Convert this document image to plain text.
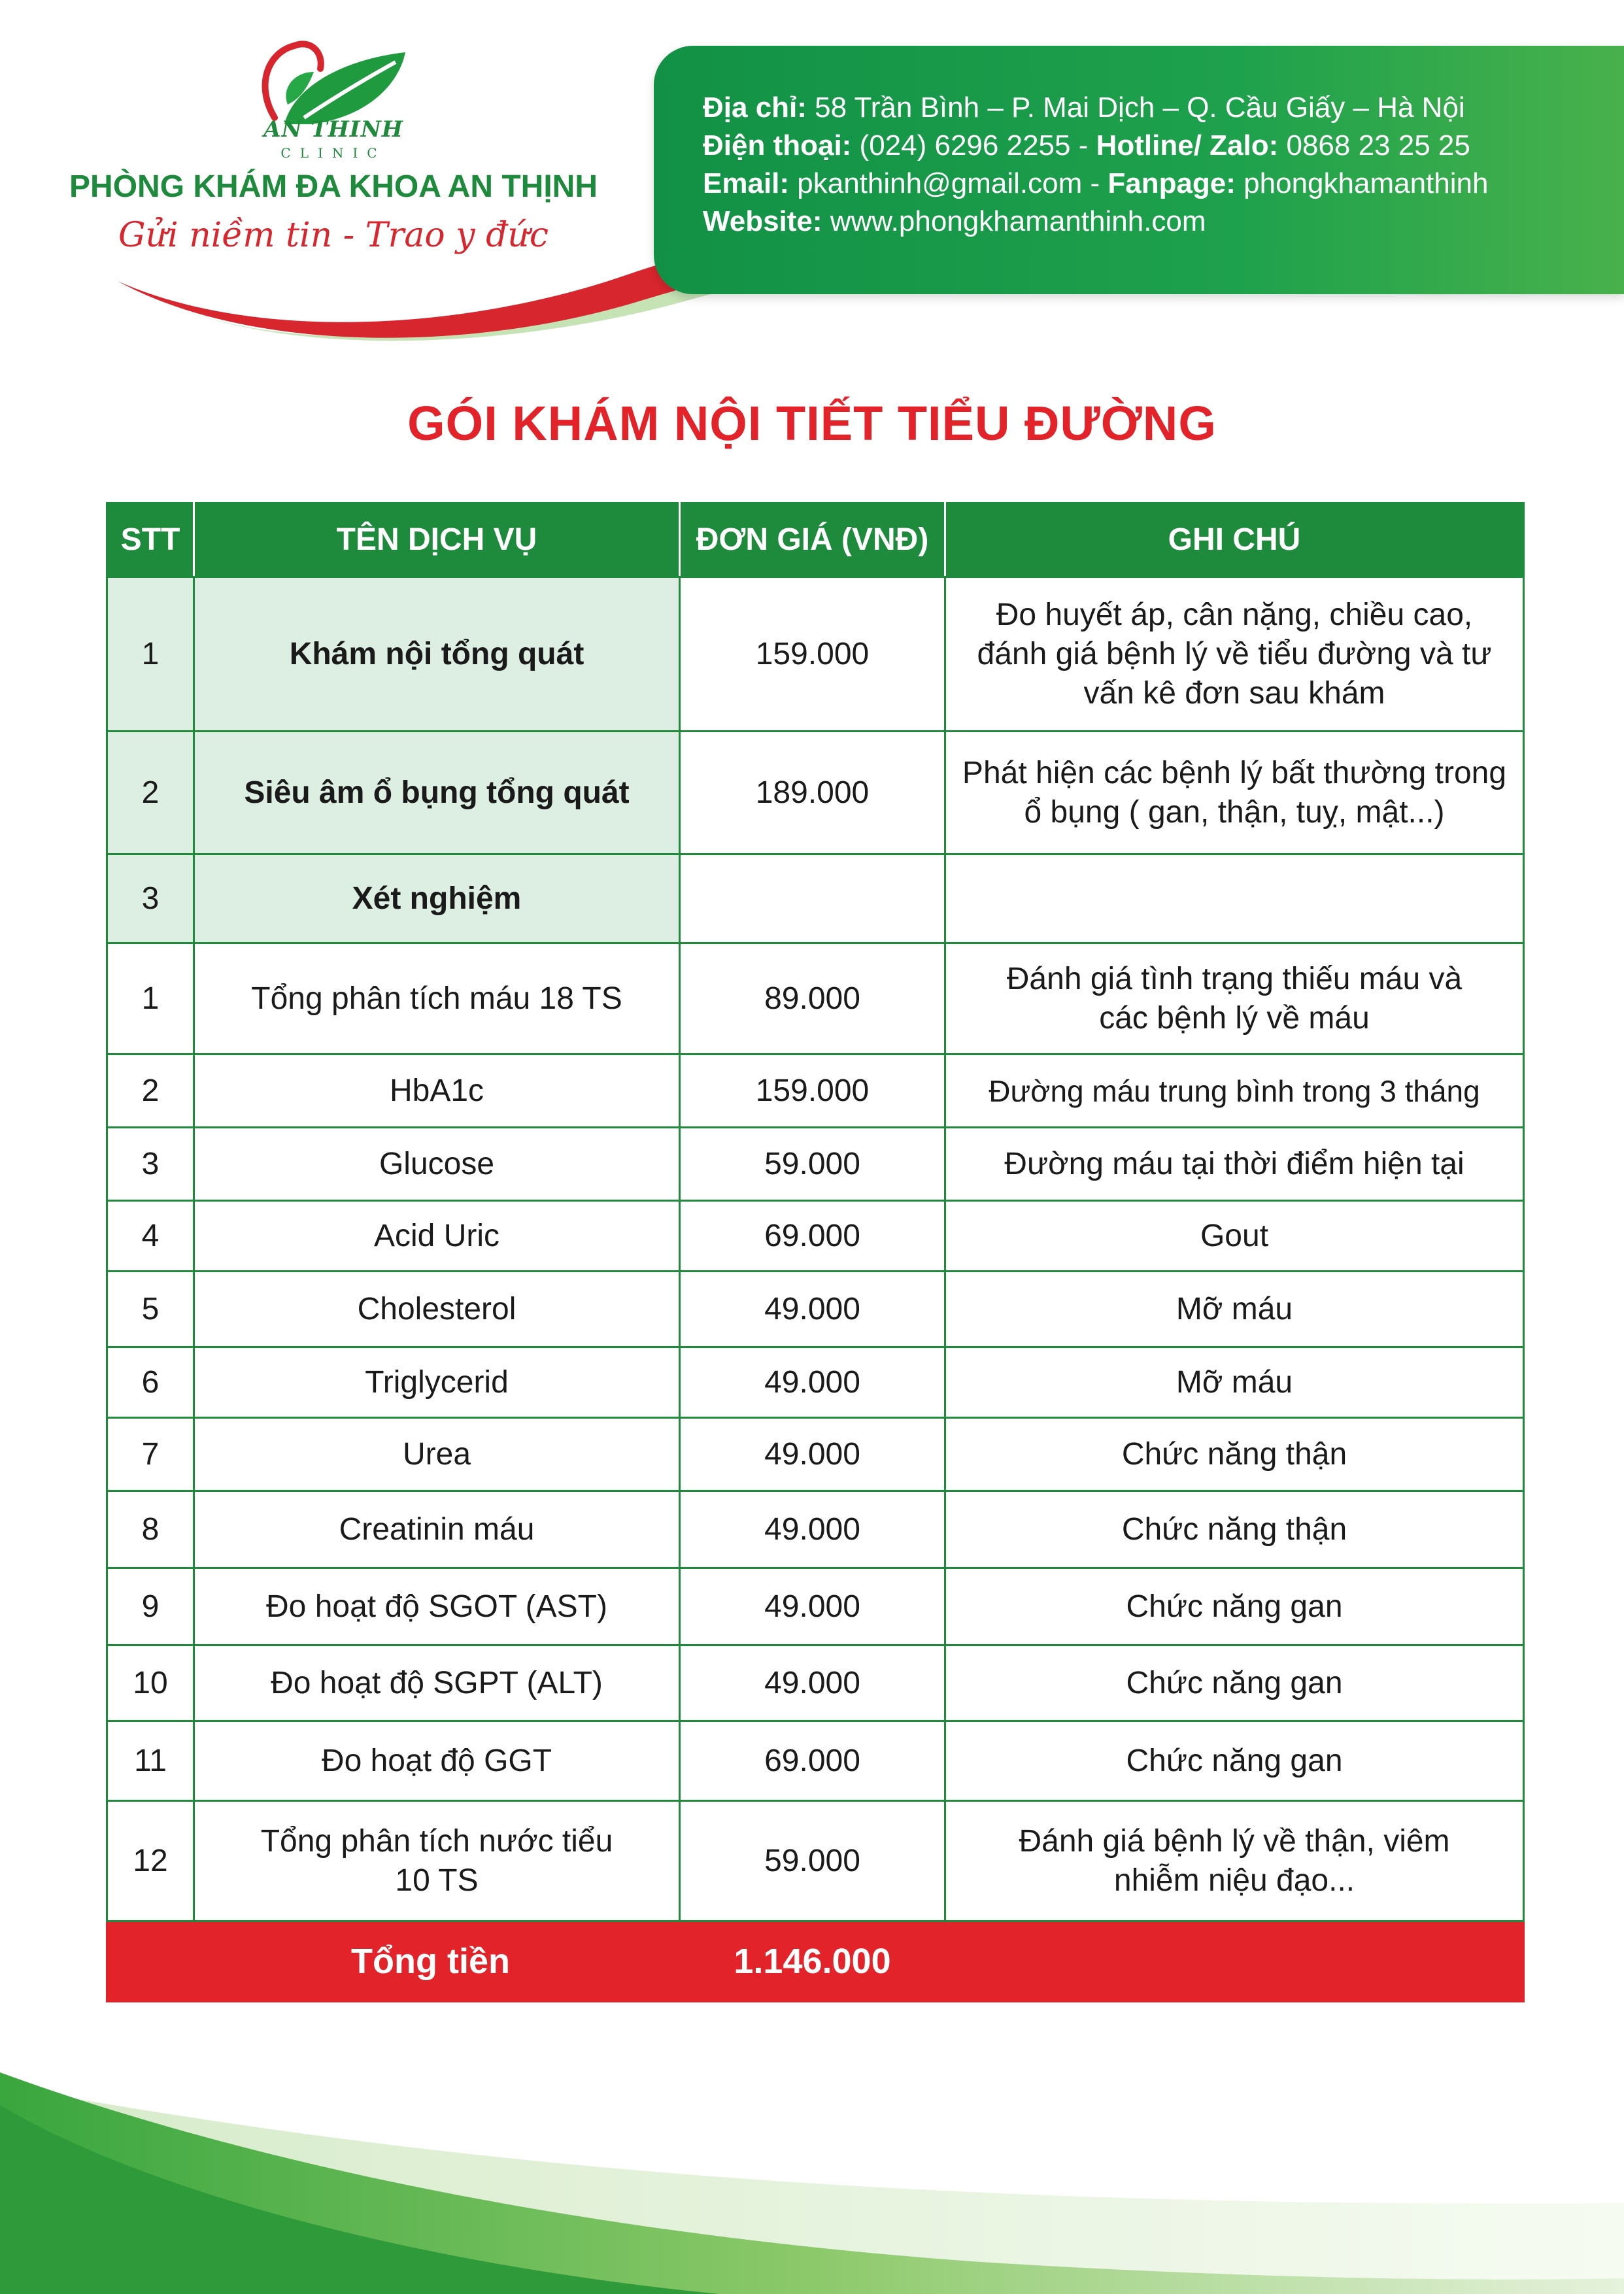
AN THINH
CLINIC
PHÒNG KHÁM ĐA KHOA AN THỊNH
Gửi niềm tin - Trao y đức
Địa chỉ: 58 Trần Bình – P. Mai Dịch – Q. Cầu Giấy – Hà Nội
Điện thoại: (024) 6296 2255 - Hotline/ Zalo: 0868 23 25 25
Email: pkanthinh@gmail.com - Fanpage: phongkhamanthinh
Website: www.phongkhamanthinh.com
GÓI KHÁM NỘI TIẾT TIỂU ĐƯỜNG
STT	TÊN DỊCH VỤ	ĐƠN GIÁ (VNĐ)	GHI CHÚ
1	Khám nội tổng quát	159.000	Đo huyết áp, cân nặng, chiều cao, đánh giá bệnh lý về tiểu đường và tư vấn kê đơn sau khám
2	Siêu âm ổ bụng tổng quát	189.000	Phát hiện các bệnh lý bất thường trong ổ bụng ( gan, thận, tuỵ, mật...)
3	Xét nghiệm		
1	Tổng phân tích máu 18 TS	89.000	Đánh giá tình trạng thiếu máu và các bệnh lý về máu
2	HbA1c	159.000	Đường máu trung bình trong 3 tháng
3	Glucose	59.000	Đường máu tại thời điểm hiện tại
4	Acid Uric	69.000	Gout
5	Cholesterol	49.000	Mỡ máu
6	Triglycerid	49.000	Mỡ máu
7	Urea	49.000	Chức năng thận
8	Creatinin máu	49.000	Chức năng thận
9	Đo hoạt độ SGOT (AST)	49.000	Chức năng gan
10	Đo hoạt độ SGPT (ALT)	49.000	Chức năng gan
11	Đo hoạt độ GGT	69.000	Chức năng gan
12	Tổng phân tích nước tiểu 10 TS	59.000	Đánh giá bệnh lý về thận, viêm nhiễm niệu đạo...
Tổng tiền		1.146.000	
